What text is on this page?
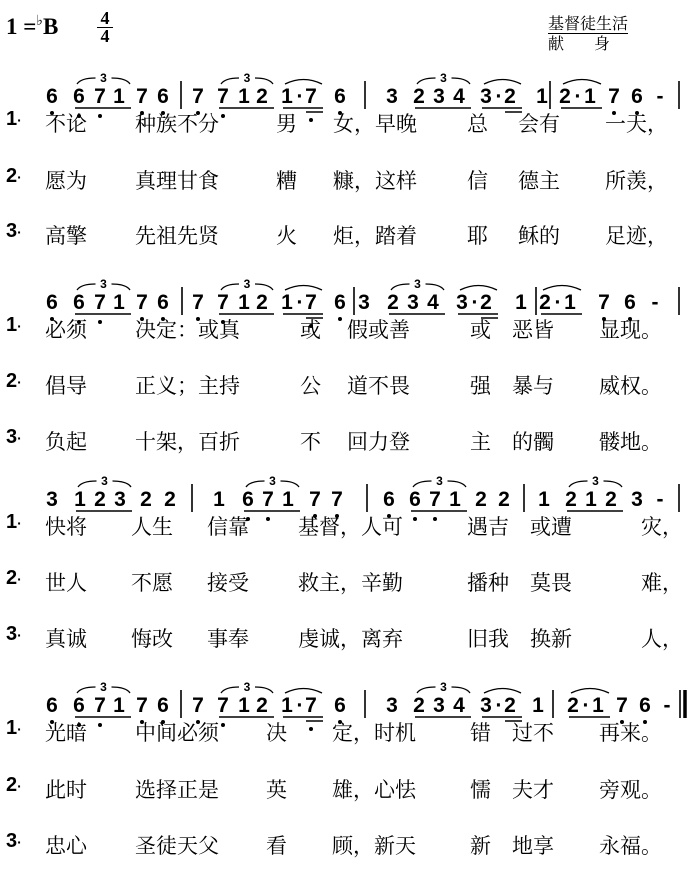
1 =♭B	4
4
基督徒生活
献 身
6 6 7 1 7 6 7 7 1 2 1 · 7 6 3 2 3 4 3 · 2 1 2 · 1 7 6 -
3	3	3
6 6 7 1 7 6 7 7 1 2 1 · 7 6 3 2 3 4 3 · 2 1 2 · 1 7 6 -
3	3	3
3 1 2 3 2 2 1 6 7 1 7 7 6 6 7 1 2 2 1 2 1 2 3 -
3	3	3	3
6 6 7 1 7 6 7 7 1 2 1 · 7 6 3 2 3 4 3 · 2 1 2 · 1 7 6 -
3	3	3
1· 不论 种族不分	男 女，早晚 总 会有 一天，
2· 愿为 真理甘食	糟 糠，这样 信 德主 所羡，
3· 高擎 先祖先贤	火 炬，踏着 耶 稣的 足迹，
1· 必须 决定：或真	或 假或善	或 恶皆 显现。
2· 倡导 正义；主持	公 道不畏	强 暴与 威权。
3· 负起 十架，百折	不 回力登	主 的髑 髅地。
1· 快将 人生 信靠 基督，人可	遇吉 或遭	灾，
2· 世人 不愿 接受 救主，辛勤	播种 莫畏	难，
3· 真诚 悔改 事奉 虔诚，离弃	旧我 换新	人，
1· 光暗 中间必须 决 定，时机	错 过不 再来。
2· 此时 选择正是 英 雄，心怯	懦 夫才 旁观。
3· 忠心 圣徒天父 看 顾，新天	新 地享 永福。
